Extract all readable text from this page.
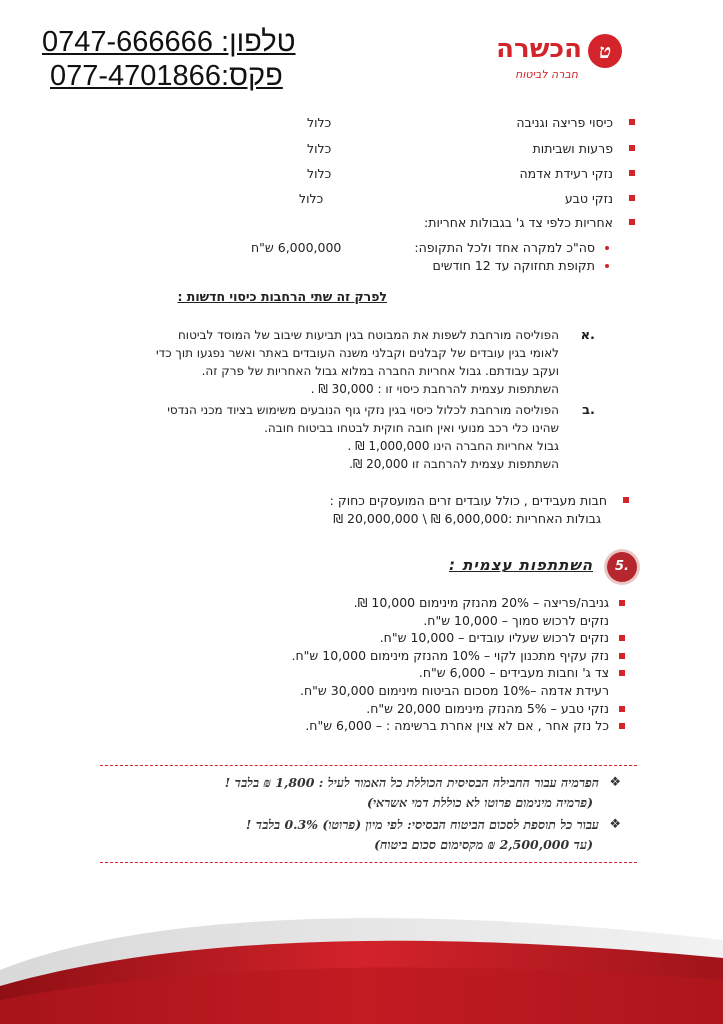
טלפון: 0747-666666
פקס:077-4701866
ט
הכשרה
חברה לביטוח
כיסוי פריצה וגניבה
כלול
פרעות ושביתות
כלול
נזקי רעידת אדמה
כלול
נזקי טבע
כלול
אחריות כלפי צד ג' בגבולות אחריות:
סה"כ למקרה אחד ולכל התקופה:
6,000,000 ש"ח
תקופת תחזוקה עד 12 חודשים
לפרק זה שתי הרחבות כיסוי חדשות :
א.
הפוליסה מורחבת לשפות את המבוטח בגין תביעות שיבוב של המוסד לביטוח
לאומי בגין עובדים של קבלנים וקבלני משנה העובדים באתר ואשר נפגעו תוך כדי
ועקב עבודתם. גבול אחריות החברה במלוא גבול האחריות של פרק זה.
השתתפות עצמית להרחבת כיסוי זו : 30,000 ₪ .
ב.
הפוליסה מורחבת לכלול כיסוי בגין נזקי גוף הנובעים משימוש בציוד מכני הנדסי
שהינו כלי רכב מנועי ואין חובה חוקית לבטחו בביטוח חובה.
גבול אחריות החברה הינו 1,000,000 ₪ .
השתתפות עצמית להרחבה זו 20,000 ₪.
חבות מעבידים , כולל עובדים זרים המועסקים כחוק :
גבולות האחריות :6,000,000 ₪ \ 20,000,000 ₪
5.
השתתפות עצמית :
גניבה/פריצה – 20% מהנזק מינימום 10,000 ₪.
נזקים לרכוש סמוך – 10,000 ש"ח.
נזקים לרכוש שעליו עובדים – 10,000 ש"ח.
נזק עקיף מתכנון לקוי – 10% מהנזק מינימום 10,000 ש"ח.
צד ג' וחבות מעבידים – 6,000 ש"ח.
רעידת אדמה –10% מסכום הביטוח מינימום 30,000 ש"ח.
נזקי טבע – 5% מהנזק מינימום 20,000 ש"ח.
כל נזק אחר , אם לא צוין אחרת ברשימה : – 6,000 ש"ח.
❖
הפרמיה עבור החבילה הבסיסית הכוללת כל האמור לעיל : 1,800 ₪ בלבד !
(פרמיה מינימום פרוטו לא כוללת דמי אשראי)
❖
עבור כל תוספת לסכום הביטוח הבסיסי: לפי מיון (פרוטו) 0.3% בלבד !
(עד 2,500,000 ₪ מקסימום סכום ביטוח)
